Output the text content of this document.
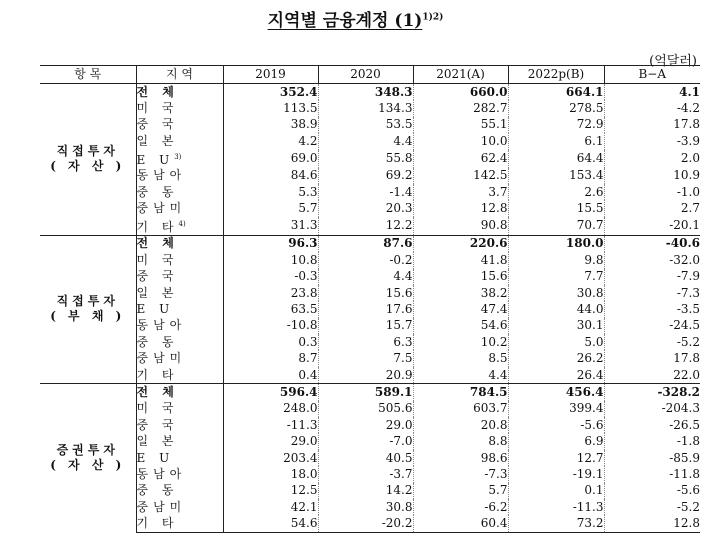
지역별 금융계정 $(1)^{1)2)}$
(억달러)
항 목	지 역	2019	2020	2021(A)	2022p(B)	B−A

직접투자
( 자 산 )	전 체	352.4	348.3	660.0	664.1	4.1
	미 국	113.5	134.3	282.7	278.5	-4.2
	중 국	38.9	53.5	55.1	72.9	17.8
	일 본	4.2	4.4	10.0	6.1	-3.9
	E $U^{3)}$	69.0	55.8	62.4	64.4	2.0
	동남아	84.6	69.2	142.5	153.4	10.9
	중 동	5.3	-1.4	3.7	2.6	-1.0
	중남미	5.7	20.3	12.8	15.5	2.7
	기 타$^{4)}$	31.3	12.2	90.8	70.7	-20.1

직접투자
( 부 채 )	전 체	96.3	87.6	220.6	180.0	-40.6
	미 국	10.8	-0.2	41.8	9.8	-32.0
	중 국	-0.3	4.4	15.6	7.7	-7.9
	일 본	23.8	15.6	38.2	30.8	-7.3
	E U	63.5	17.6	47.4	44.0	-3.5
	동남아	-10.8	15.7	54.6	30.1	-24.5
	중 동	0.3	6.3	10.2	5.0	-5.2
	중남미	8.7	7.5	8.5	26.2	17.8
	기 타	0.4	20.9	4.4	26.4	22.0

증권투자
( 자 산 )	전 체	596.4	589.1	784.5	456.4	-328.2
	미 국	248.0	505.6	603.7	399.4	-204.3
	중 국	-11.3	29.0	20.8	-5.6	-26.5
	일 본	29.0	-7.0	8.8	6.9	-1.8
	E U	203.4	40.5	98.6	12.7	-85.9
	동남아	18.0	-3.7	-7.3	-19.1	-11.8
	중 동	12.5	14.2	5.7	0.1	-5.6
	중남미	42.1	30.8	-6.2	-11.3	-5.2
	기 타	54.6	-20.2	60.4	73.2	12.8
